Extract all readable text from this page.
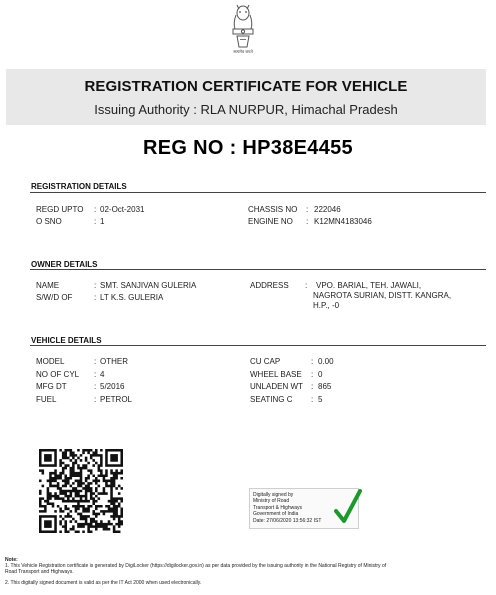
सत्यमेव जयते
REGISTRATION CERTIFICATE FOR VEHICLE
Issuing Authority : RLA NURPUR, Himachal Pradesh
REG NO : HP38E4455
REGISTRATION DETAILS
REGD UPTO : 02-Oct-2031
O SNO	: 1
CHASSIS NO : 222046
ENGINE NO : K12MN4183046
OWNER DETAILS
NAME	: SMT. SANJIVAN GULERIA
S/W/D OF	: LT K.S. GULERIA
ADDRESS : VPO. BARIAL, TEH. JAWALI,
NAGROTA SURIAN, DISTT. KANGRA,
H.P., -0
VEHICLE DETAILS
MODEL	: OTHER
NO OF CYL : 4
MFG DT	: 5/2016
FUEL	: PETROL
CU CAP	: 0.00
WHEEL BASE : 0
UNLADEN WT : 865
SEATING C : 5
Digitally signed by
Ministry of Road
Transport & Highways
Government of India
Date: 27/06/2020 13:56:32 IST
Note:
1. This Vehicle Registration certificate is generated by DigiLocker (https://digilocker.gov.in) as per data provided by the issuing authority in the National Registry of Ministry of
Road Transport and Highways.
2. This digitally signed document is valid as per the IT Act 2000 when used electronically.
